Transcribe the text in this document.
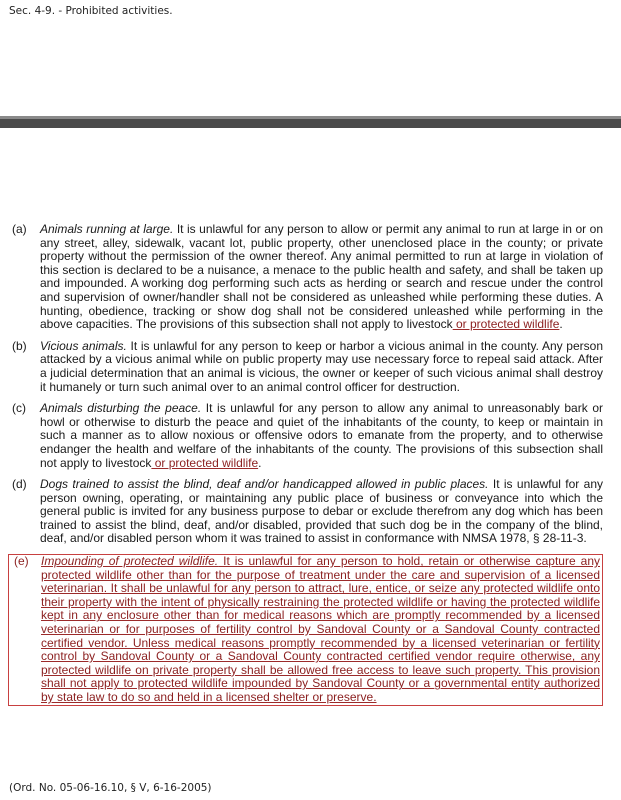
Sec. 4-9. - Prohibited activities.
(a) Animals running at large. It is unlawful for any person to allow or permit any animal to run at large in or on any street, alley, sidewalk, vacant lot, public property, other unenclosed place in the county; or private property without the permission of the owner thereof. Any animal permitted to run at large in violation of this section is declared to be a nuisance, a menace to the public health and safety, and shall be taken up and impounded. A working dog performing such acts as herding or search and rescue under the control and supervision of owner/handler shall not be considered as unleashed while performing these duties. A hunting, obedience, tracking or show dog shall not be considered unleashed while performing in the above capacities. The provisions of this subsection shall not apply to livestock or protected wildlife.
(b) Vicious animals. It is unlawful for any person to keep or harbor a vicious animal in the county. Any person attacked by a vicious animal while on public property may use necessary force to repeal said attack. After a judicial determination that an animal is vicious, the owner or keeper of such vicious animal shall destroy it humanely or turn such animal over to an animal control officer for destruction.
(c) Animals disturbing the peace. It is unlawful for any person to allow any animal to unreasonably bark or howl or otherwise to disturb the peace and quiet of the inhabitants of the county, to keep or maintain in such a manner as to allow noxious or offensive odors to emanate from the property, and to otherwise endanger the health and welfare of the inhabitants of the county. The provisions of this subsection shall not apply to livestock or protected wildlife.
(d) Dogs trained to assist the blind, deaf and/or handicapped allowed in public places. It is unlawful for any person owning, operating, or maintaining any public place of business or conveyance into which the general public is invited for any business purpose to debar or exclude therefrom any dog which has been trained to assist the blind, deaf, and/or disabled, provided that such dog be in the company of the blind, deaf, and/or disabled person whom it was trained to assist in conformance with NMSA 1978, § 28-11-3.
(e) Impounding of protected wildlife. It is unlawful for any person to hold, retain or otherwise capture any protected wildlife other than for the purpose of treatment under the care and supervision of a licensed veterinarian. It shall be unlawful for any person to attract, lure, entice, or seize any protected wildlife onto their property with the intent of physically restraining the protected wildlife or having the protected wildlife kept in any enclosure other than for medical reasons which are promptly recommended by a licensed veterinarian or for purposes of fertility control by Sandoval County or a Sandoval County contracted certified vendor. Unless medical reasons promptly recommended by a licensed veterinarian or fertility control by Sandoval County or a Sandoval County contracted certified vendor require otherwise, any protected wildlife on private property shall be allowed free access to leave such property. This provision shall not apply to protected wildlife impounded by Sandoval County or a governmental entity authorized by state law to do so and held in a licensed shelter or preserve.
(Ord. No. 05-06-16.10, § V, 6-16-2005)
